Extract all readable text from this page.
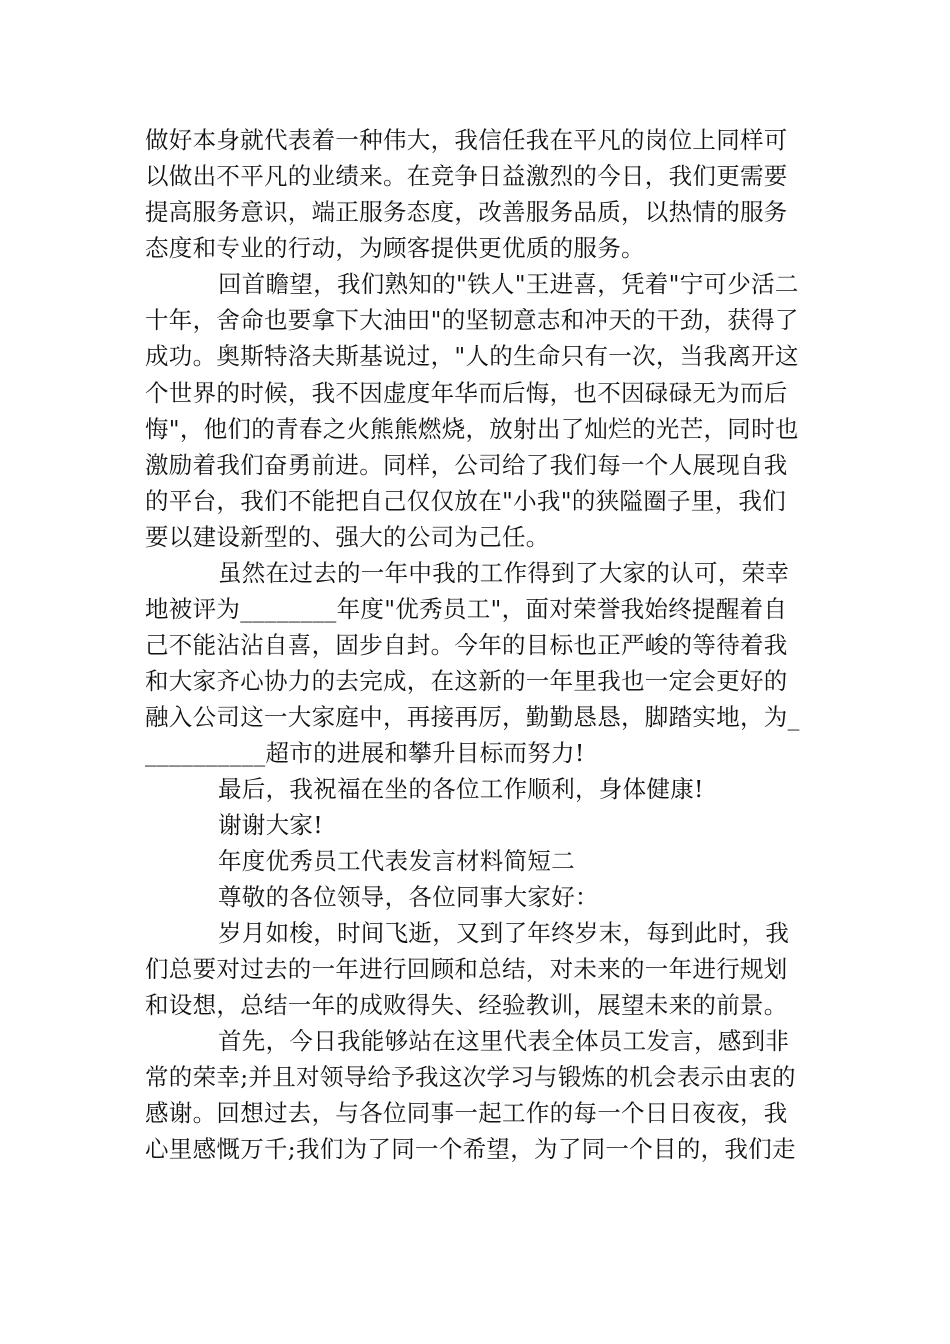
做好本身就代表着一种伟大，我信任我在平凡的岗位上同样可
以做出不平凡的业绩来。在竞争日益激烈的今日，我们更需要
提高服务意识，端正服务态度，改善服务品质，以热情的服务
态度和专业的行动，为顾客提供更优质的服务。
回首瞻望，我们熟知的"铁人"王进喜，凭着"宁可少活二
十年，舍命也要拿下大油田"的坚韧意志和冲天的干劲，获得了
成功。奥斯特洛夫斯基说过，"人的生命只有一次，当我离开这
个世界的时候，我不因虚度年华而后悔，也不因碌碌无为而后
悔"，他们的青春之火熊熊燃烧，放射出了灿烂的光芒，同时也
激励着我们奋勇前进。同样，公司给了我们每一个人展现自我
的平台，我们不能把自己仅仅放在"小我"的狭隘圈子里，我们
要以建设新型的、强大的公司为己任。
虽然在过去的一年中我的工作得到了大家的认可，荣幸
地被评为________年度"优秀员工"，面对荣誉我始终提醒着自
己不能沾沾自喜，固步自封。今年的目标也正严峻的等待着我
和大家齐心协力的去完成，在这新的一年里我也一定会更好的
融入公司这一大家庭中，再接再厉，勤勤恳恳，脚踏实地，为_
__________超市的进展和攀升目标而努力!
最后，我祝福在坐的各位工作顺利，身体健康!
谢谢大家!
年度优秀员工代表发言材料简短二
尊敬的各位领导，各位同事大家好：
岁月如梭，时间飞逝，又到了年终岁末，每到此时，我
们总要对过去的一年进行回顾和总结，对未来的一年进行规划
和设想，总结一年的成败得失、经验教训，展望未来的前景。
首先，今日我能够站在这里代表全体员工发言，感到非
常的荣幸;并且对领导给予我这次学习与锻炼的机会表示由衷的
感谢。回想过去，与各位同事一起工作的每一个日日夜夜，我
心里感慨万千;我们为了同一个希望，为了同一个目的，我们走
